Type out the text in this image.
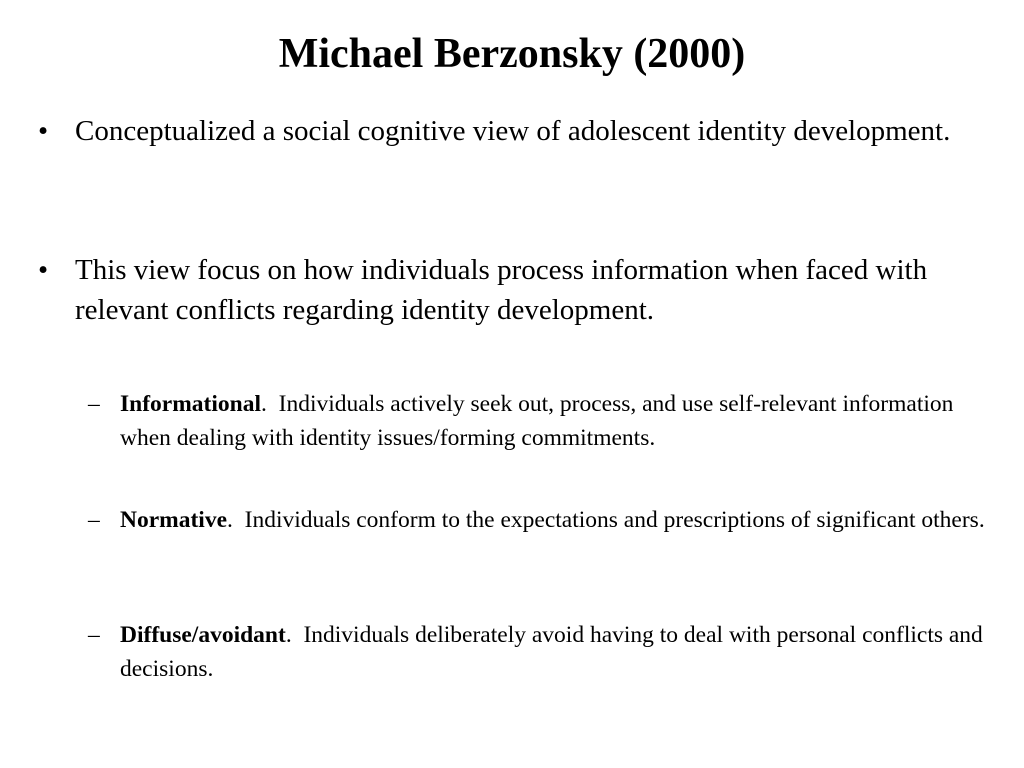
Michael Berzonsky (2000)
• Conceptualized a social cognitive view of adolescent identity development.
• This view focus on how individuals process information when faced with relevant conflicts regarding identity development.
– Informational.  Individuals actively seek out, process, and use self-relevant information when dealing with identity issues/forming commitments.
– Normative.  Individuals conform to the expectations and prescriptions of significant others.
– Diffuse/avoidant.  Individuals deliberately avoid having to deal with personal conflicts and decisions.
